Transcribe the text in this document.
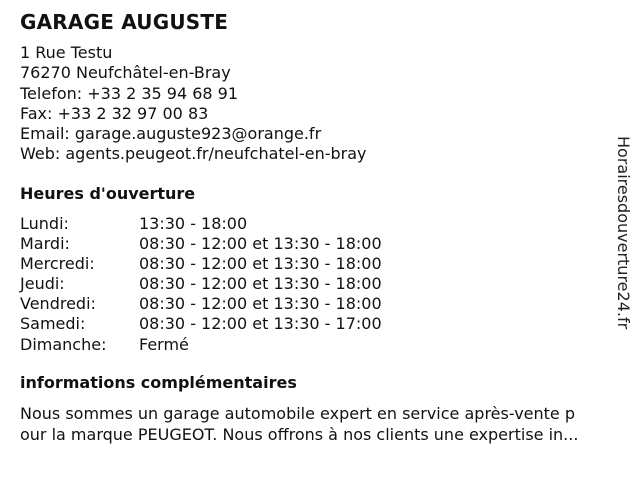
GARAGE AUGUSTE
1 Rue Testu
76270 Neufchâtel-en-Bray
Telefon: +33 2 35 94 68 91
Fax: +33 2 32 97 00 83
Email: garage.auguste923@orange.fr
Web: agents.peugeot.fr/neufchatel-en-bray
Heures d'ouverture
Lundi:	13:30 - 18:00
Mardi:	08:30 - 12:00 et 13:30 - 18:00
Mercredi:	08:30 - 12:00 et 13:30 - 18:00
Jeudi:	08:30 - 12:00 et 13:30 - 18:00
Vendredi:	08:30 - 12:00 et 13:30 - 18:00
Samedi:	08:30 - 12:00 et 13:30 - 17:00
Dimanche:	Fermé
informations complémentaires
Nous sommes un garage automobile expert en service après-vente p
our la marque PEUGEOT. Nous offrons à nos clients une expertise in...
Horairesdouverture24.fr
